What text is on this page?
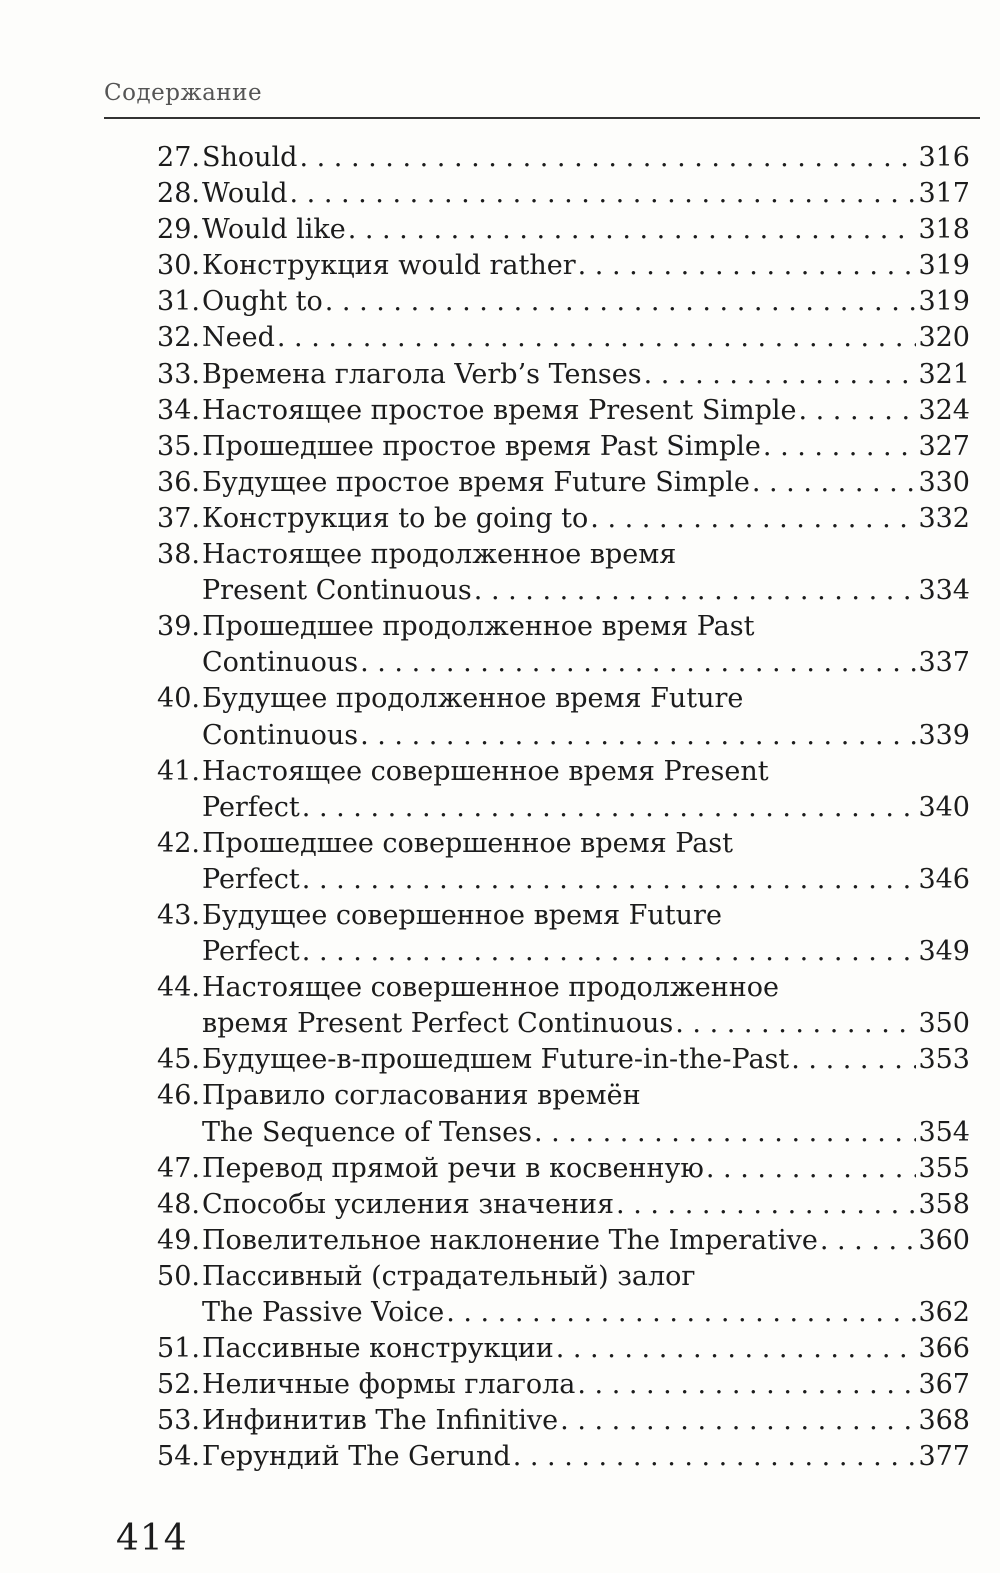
Содержание
27. Should . . .	316
28. Would . . .	317
29. Would like . . .	318
30. Конструкция would rather . . .	319
31. Ought to . . .	319
32. Need . . .	320
33. Времена глагола Verb’s Tenses . . .	321
34. Настоящее простое время Present Simple . . .	324
35. Прошедшее простое время Past Simple . . .	327
36. Будущее простое время Future Simple . . .	330
37. Конструкция to be going to . . .	332
38. Настоящее продолженное время
Present Continuous . . .	334
39. Прошедшее продолженное время Past
Continuous . . .	337
40. Будущее продолженное время Future
Continuous . . .	339
41. Настоящее совершенное время Present
Perfect . . .	340
42. Прошедшее совершенное время Past
Perfect . . .	346
43. Будущее совершенное время Future
Perfect . . .	349
44. Настоящее совершенное продолженное
время Present Perfect Continuous . . .	350
45. Будущее-в-прошедшем Future-in-the-Past . . .	353
46. Правило согласования времён
The Sequence of Tenses . . .	354
47. Перевод прямой речи в косвенную . . .	355
48. Способы усиления значения . . .	358
49. Повелительное наклонение The Imperative . . .	360
50. Пассивный (страдательный) залог
The Passive Voice . . .	362
51. Пассивные конструкции . . .	366
52. Неличные формы глагола . . .	367
53. Инфинитив The Infinitive . . .	368
54. Герундий The Gerund . . .	377
414
